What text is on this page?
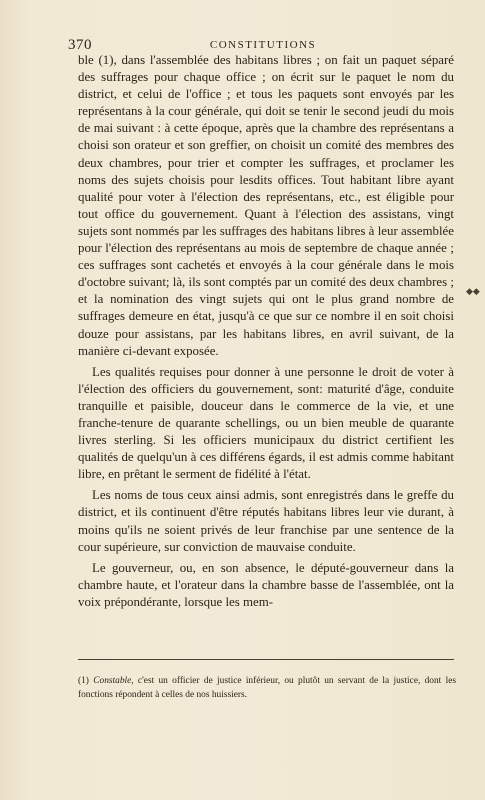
370	CONSTITUTIONS

ble (1), dans l'assemblée des habitans libres ; on fait un paquet séparé des suffrages pour chaque office ; on écrit sur le paquet le nom du district, et celui de l'office ; et tous les paquets sont envoyés par les représentans à la cour générale, qui doit se tenir le second jeudi du mois de mai suivant : à cette époque, après que la chambre des représentans a choisi son orateur et son greffier, on choisit un comité des membres des deux chambres, pour trier et compter les suffrages, et proclamer les noms des sujets choisis pour lesdits offices. Tout habitant libre ayant qualité pour voter à l'élection des représentans, etc., est éligible pour tout office du gouvernement. Quant à l'élection des assistans, vingt sujets sont nommés par les suffrages des habitans libres à leur assemblée pour l'élection des représentans au mois de septembre de chaque année ; ces suffrages sont cachetés et envoyés à la cour générale dans le mois d'octobre suivant; là, ils sont comptés par un comité des deux chambres ; et la nomination des vingt sujets qui ont le plus grand nombre de suffrages demeure en état, jusqu'à ce que sur ce nombre il en soit choisi douze pour assistans, par les habitans libres, en avril suivant, de la manière ci-devant exposée.

Les qualités requises pour donner à une personne le droit de voter à l'élection des officiers du gouvernement, sont: maturité d'âge, conduite tranquille et paisible, douceur dans le commerce de la vie, et une franche-tenure de quarante schellings, ou un bien meuble de quarante livres sterling. Si les officiers municipaux du district certifient les qualités de quelqu'un à ces différens égards, il est admis comme habitant libre, en prêtant le serment de fidélité à l'état.

Les noms de tous ceux ainsi admis, sont enregistrés dans le greffe du district, et ils continuent d'être réputés habitans libres leur vie durant, à moins qu'ils ne soient privés de leur franchise par une sentence de la cour supérieure, sur conviction de mauvaise conduite.

Le gouverneur, ou, en son absence, le député-gouverneur dans la chambre haute, et l'orateur dans la chambre basse de l'assemblée, ont la voix prépondérante, lorsque les mem-

◆◆
(1) Constable, c'est un officier de justice inférieur, ou plutôt un servant de la justice, dont les fonctions répondent à celles de nos huissiers.
